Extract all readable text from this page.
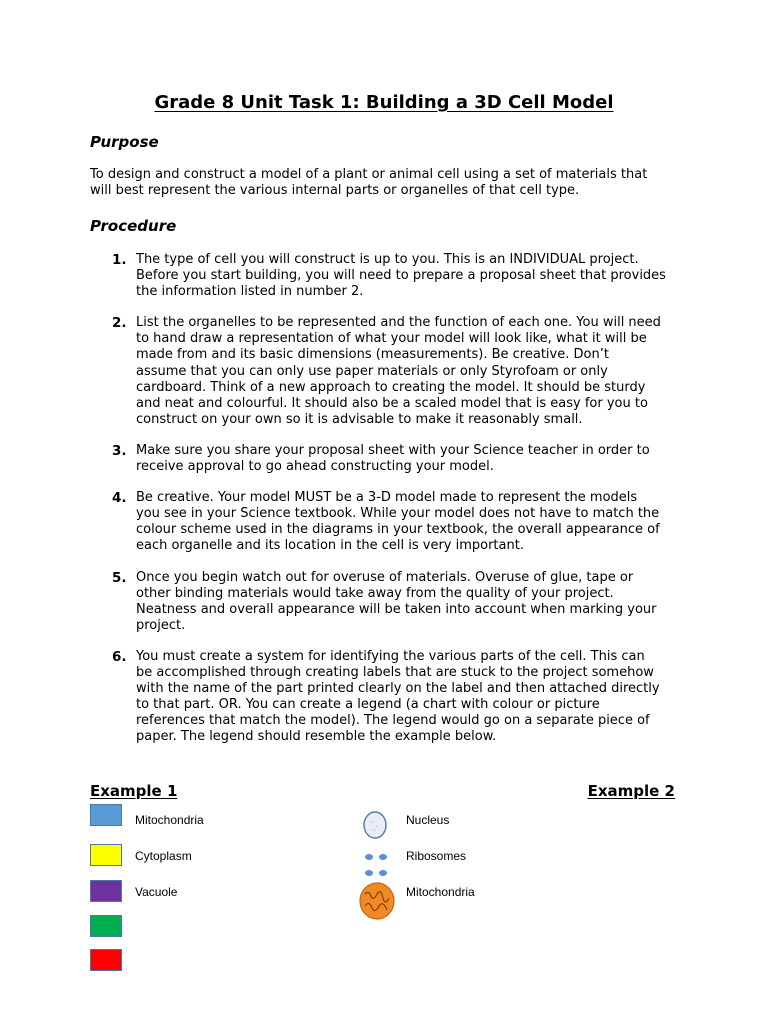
Grade 8 Unit Task 1: Building a 3D Cell Model
Purpose
To design and construct a model of a plant or animal cell using a set of materials that
will best represent the various internal parts or organelles of that cell type.
Procedure
1. The type of cell you will construct is up to you. This is an INDIVIDUAL project.
Before you start building, you will need to prepare a proposal sheet that provides
the information listed in number 2.
2. List the organelles to be represented and the function of each one. You will need
to hand draw a representation of what your model will look like, what it will be
made from and its basic dimensions (measurements). Be creative. Don’t
assume that you can only use paper materials or only Styrofoam or only
cardboard. Think of a new approach to creating the model. It should be sturdy
and neat and colourful. It should also be a scaled model that is easy for you to
construct on your own so it is advisable to make it reasonably small.
3. Make sure you share your proposal sheet with your Science teacher in order to
receive approval to go ahead constructing your model.
4. Be creative. Your model MUST be a 3-D model made to represent the models
you see in your Science textbook. While your model does not have to match the
colour scheme used in the diagrams in your textbook, the overall appearance of
each organelle and its location in the cell is very important.
5. Once you begin watch out for overuse of materials. Overuse of glue, tape or
other binding materials would take away from the quality of your project.
Neatness and overall appearance will be taken into account when marking your
project.
6. You must create a system for identifying the various parts of the cell. This can
be accomplished through creating labels that are stuck to the project somehow
with the name of the part printed clearly on the label and then attached directly
to that part. OR. You can create a legend (a chart with colour or picture
references that match the model). The legend would go on a separate piece of
paper. The legend should resemble the example below.
Example 1	Example 2
Mitochondria
Cytoplasm
Vacuole
Nucleus
Ribosomes
Mitochondria
